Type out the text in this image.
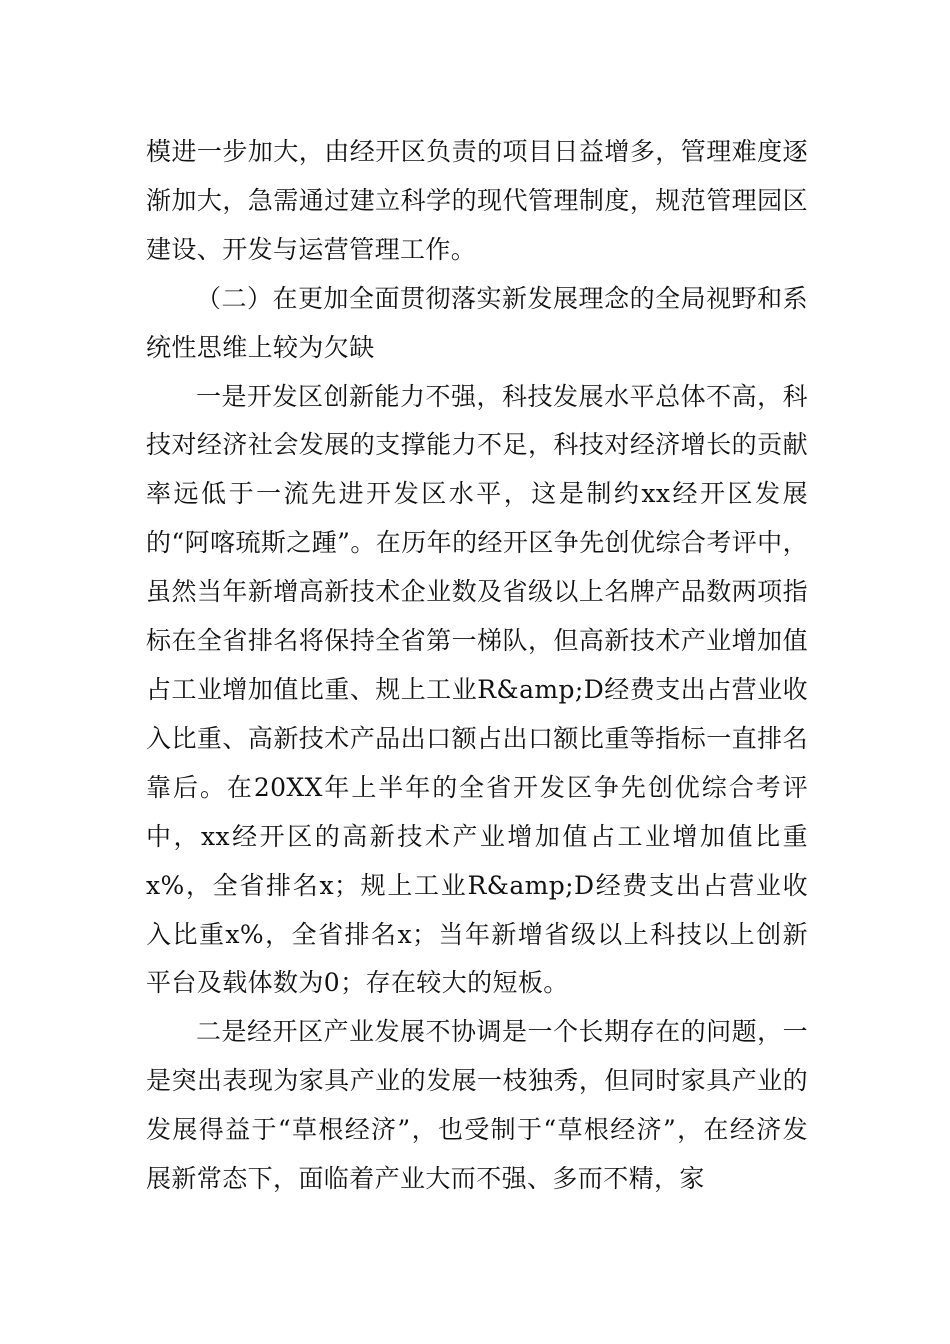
模进一步加大，由经开区负责的项目日益增多，管理难度逐渐加大，急需通过建立科学的现代管理制度，规范管理园区建设、开发与运营管理工作。

（二）在更加全面贯彻落实新发展理念的全局视野和系统性思维上较为欠缺

一是开发区创新能力不强，科技发展水平总体不高，科技对经济社会发展的支撑能力不足，科技对经济增长的贡献率远低于一流先进开发区水平，这是制约xx经开区发展的“阿喀琉斯之踵”。在历年的经开区争先创优综合考评中，虽然当年新增高新技术企业数及省级以上名牌产品数两项指标在全省排名将保持全省第一梯队，但高新技术产业增加值占工业增加值比重、规上工业R&amp;D经费支出占营业收入比重、高新技术产品出口额占出口额比重等指标一直排名靠后。在20XX年上半年的全省开发区争先创优综合考评中，xx经开区的高新技术产业增加值占工业增加值比重x%，全省排名x；规上工业R&amp;D经费支出占营业收入比重x%，全省排名x；当年新增省级以上科技以上创新平台及载体数为0；存在较大的短板。

二是经开区产业发展不协调是一个长期存在的问题，一是突出表现为家具产业的发展一枝独秀，但同时家具产业的发展得益于“草根经济”，也受制于“草根经济”，在经济发展新常态下，面临着产业大而不强、多而不精，家
